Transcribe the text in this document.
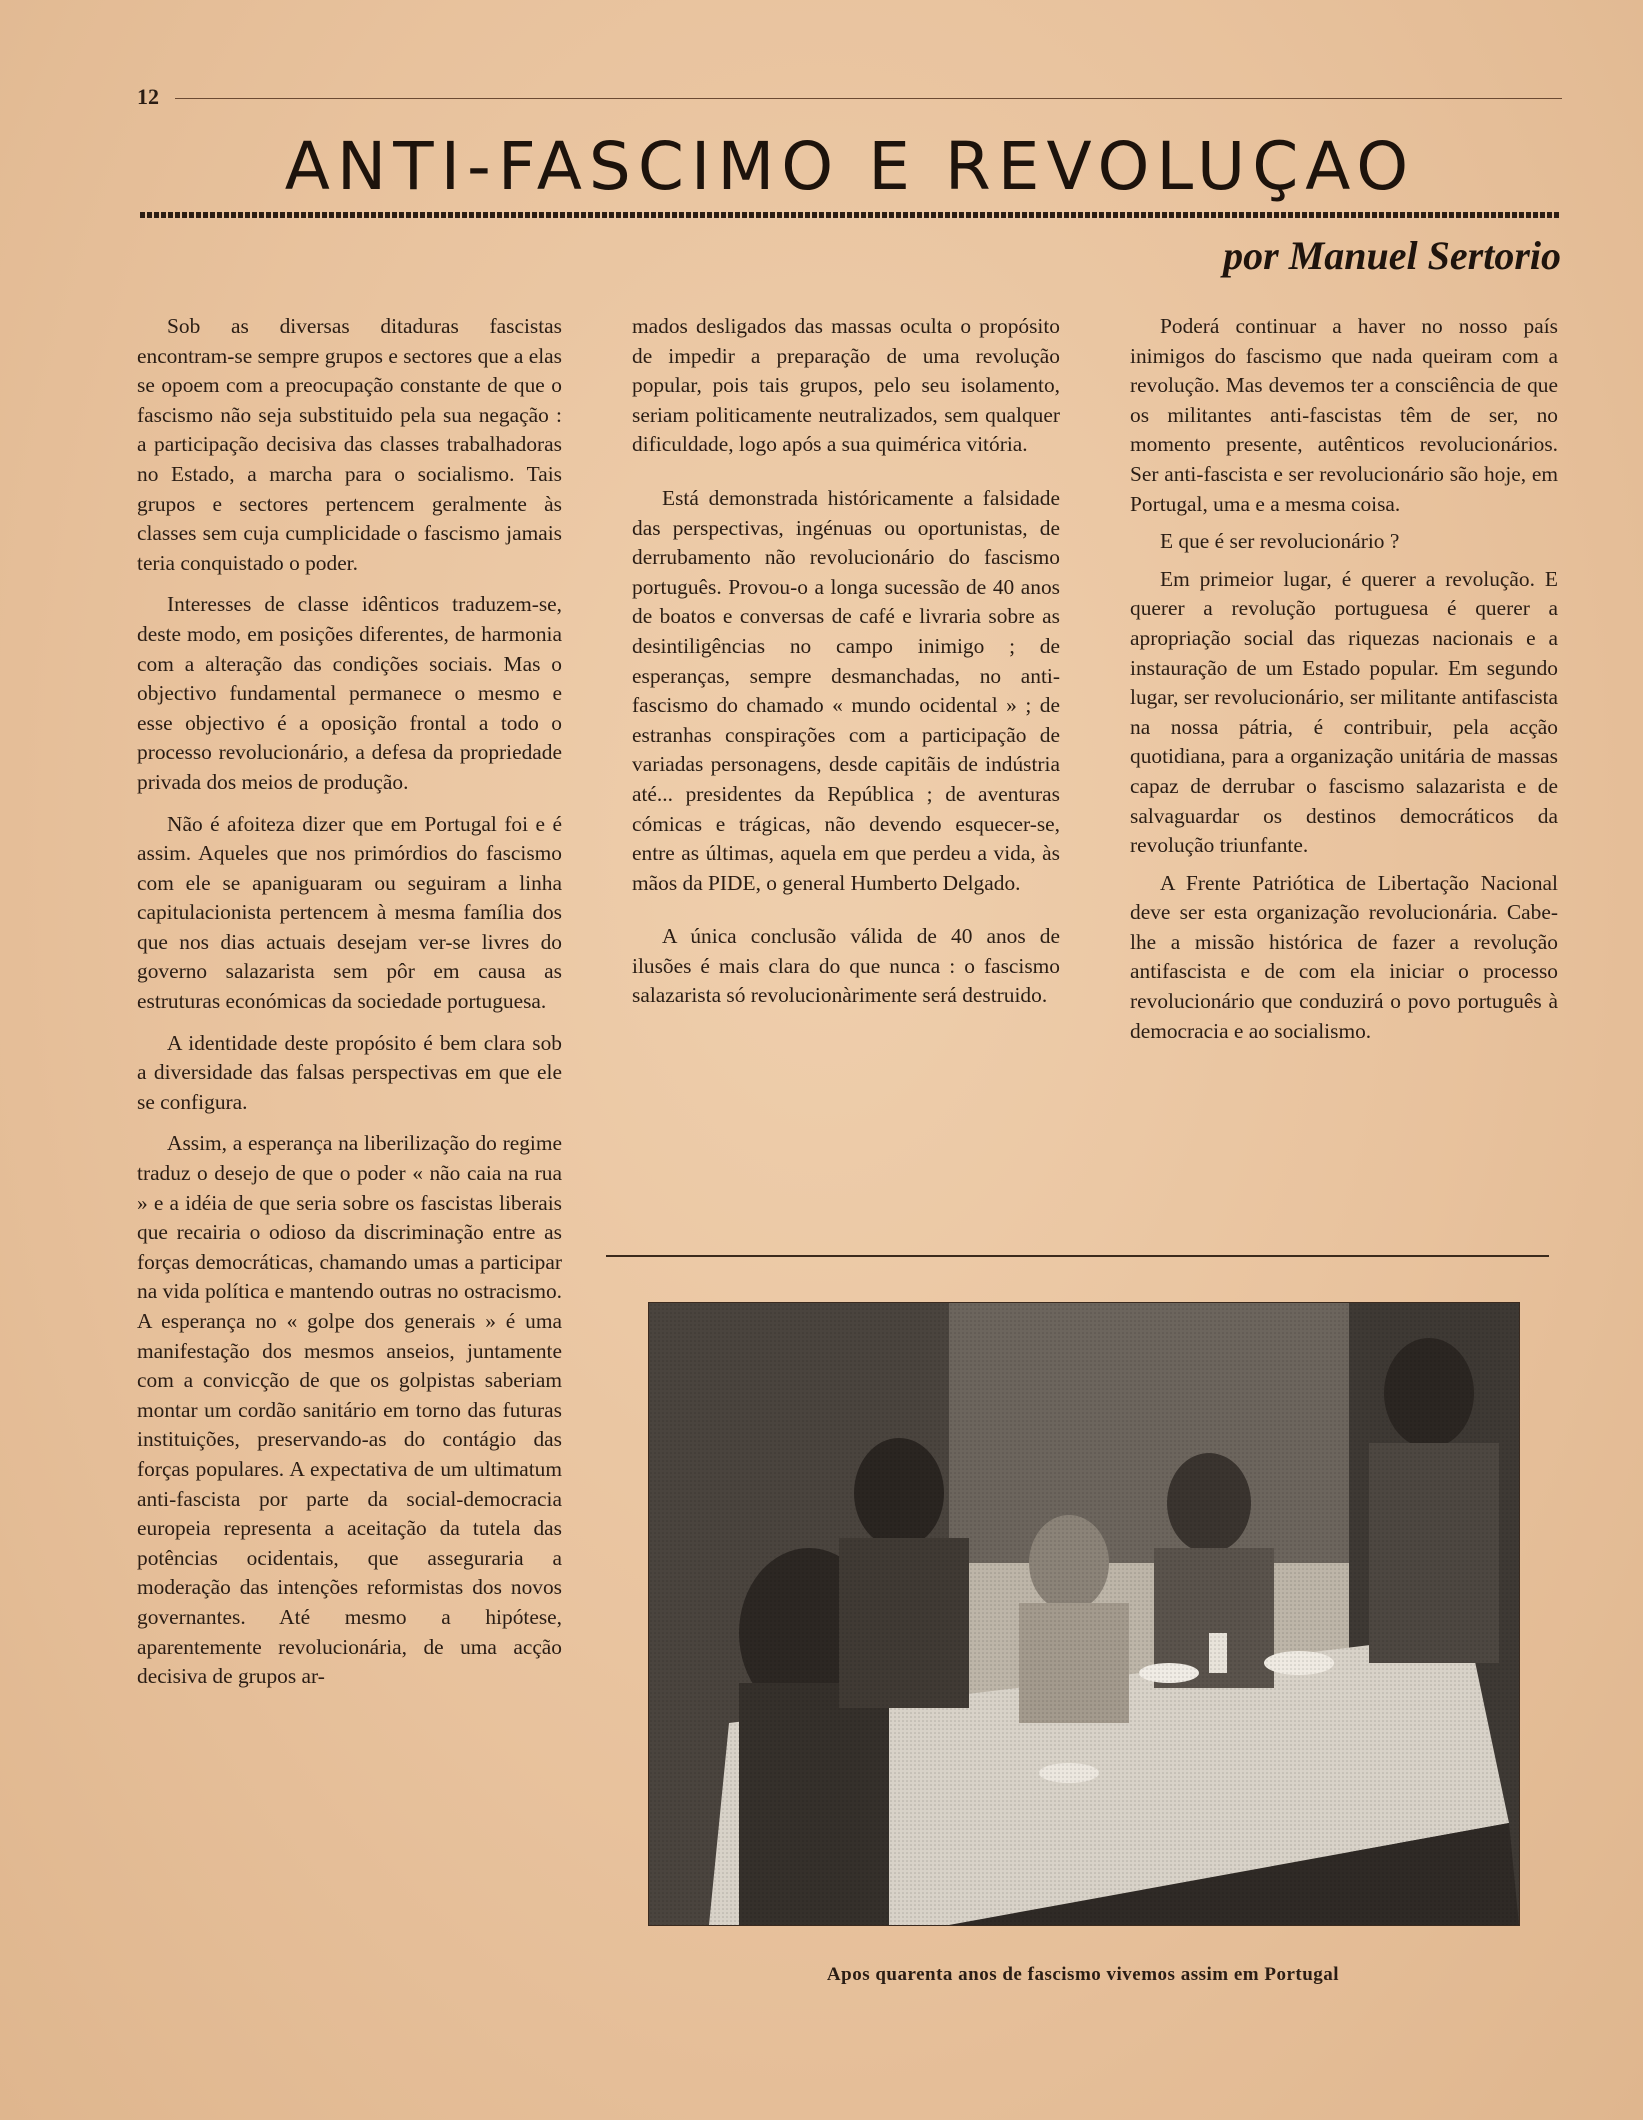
12
ANTI-FASCIMO E REVOLUÇAO
por Manuel Sertorio

Sob as diversas ditaduras fascistas encontram-se sempre grupos e sectores que a elas se opoem com a preocupação constante de que o fascismo não seja substituido pela sua negação : a participação decisiva das classes trabalhadoras no Estado, a marcha para o socialismo. Tais grupos e sectores pertencem geralmente às classes sem cuja cumplicidade o fascismo jamais teria conquistado o poder.

Interesses de classe idênticos traduzem-se, deste modo, em posições diferentes, de harmonia com a alteração das condições sociais. Mas o objectivo fundamental permanece o mesmo e esse objectivo é a oposição frontal a todo o processo revolucionário, a defesa da propriedade privada dos meios de produção.

Não é afoiteza dizer que em Portugal foi e é assim. Aqueles que nos primórdios do fascismo com ele se apaniguaram ou seguiram a linha capitulacionista pertencem à mesma família dos que nos dias actuais desejam ver-se livres do governo salazarista sem pôr em causa as estruturas económicas da sociedade portuguesa.

A identidade deste propósito é bem clara sob a diversidade das falsas perspectivas em que ele se configura.

Assim, a esperança na liberilização do regime traduz o desejo de que o poder « não caia na rua » e a idéia de que seria sobre os fascistas liberais que recairia o odioso da discriminação entre as forças democráticas, chamando umas a participar na vida política e mantendo outras no ostracismo. A esperança no « golpe dos generais » é uma manifestação dos mesmos anseios, juntamente com a convicção de que os golpistas saberiam montar um cordão sanitário em torno das futuras instituições, preservando-as do contágio das forças populares. A expectativa de um ultimatum anti-fascista por parte da social-democracia europeia representa a aceitação da tutela das potências ocidentais, que asseguraria a moderação das intenções reformistas dos novos governantes. Até mesmo a hipótese, aparentemente revolucionária, de uma acção decisiva de grupos ar-

mados desligados das massas oculta o propósito de impedir a preparação de uma revolução popular, pois tais grupos, pelo seu isolamento, seriam politicamente neutralizados, sem qualquer dificuldade, logo após a sua quimérica vitória.

Está demonstrada históricamente a falsidade das perspectivas, ingénuas ou oportunistas, de derrubamento não revolucionário do fascismo português. Provou-o a longa sucessão de 40 anos de boatos e conversas de café e livraria sobre as desintiligências no campo inimigo ; de esperanças, sempre desmanchadas, no anti-fascismo do chamado « mundo ocidental » ; de estranhas conspirações com a participação de variadas personagens, desde capitãis de indústria até... presidentes da República ; de aventuras cómicas e trágicas, não devendo esquecer-se, entre as últimas, aquela em que perdeu a vida, às mãos da PIDE, o general Humberto Delgado.

A única conclusão válida de 40 anos de ilusões é mais clara do que nunca : o fascismo salazarista só revolucionàrimente será destruido.

Poderá continuar a haver no nosso país inimigos do fascismo que nada queiram com a revolução. Mas devemos ter a consciência de que os militantes anti-fascistas têm de ser, no momento presente, autênticos revolucionários. Ser anti-fascista e ser revolucionário são hoje, em Portugal, uma e a mesma coisa.

E que é ser revolucionário ?

Em primeior lugar, é querer a revolução. E querer a revolução portuguesa é querer a apropriação social das riquezas nacionais e a instauração de um Estado popular. Em segundo lugar, ser revolucionário, ser militante antifascista na nossa pátria, é contribuir, pela acção quotidiana, para a organização unitária de massas capaz de derrubar o fascismo salazarista e de salvaguardar os destinos democráticos da revolução triunfante.

A Frente Patriótica de Libertação Nacional deve ser esta organização revolucionária. Cabe-lhe a missão histórica de fazer a revolução antifascista e de com ela iniciar o processo revolucionário que conduzirá o povo português à democracia e ao socialismo.

Apos quarenta anos de fascismo vivemos assim em Portugal
